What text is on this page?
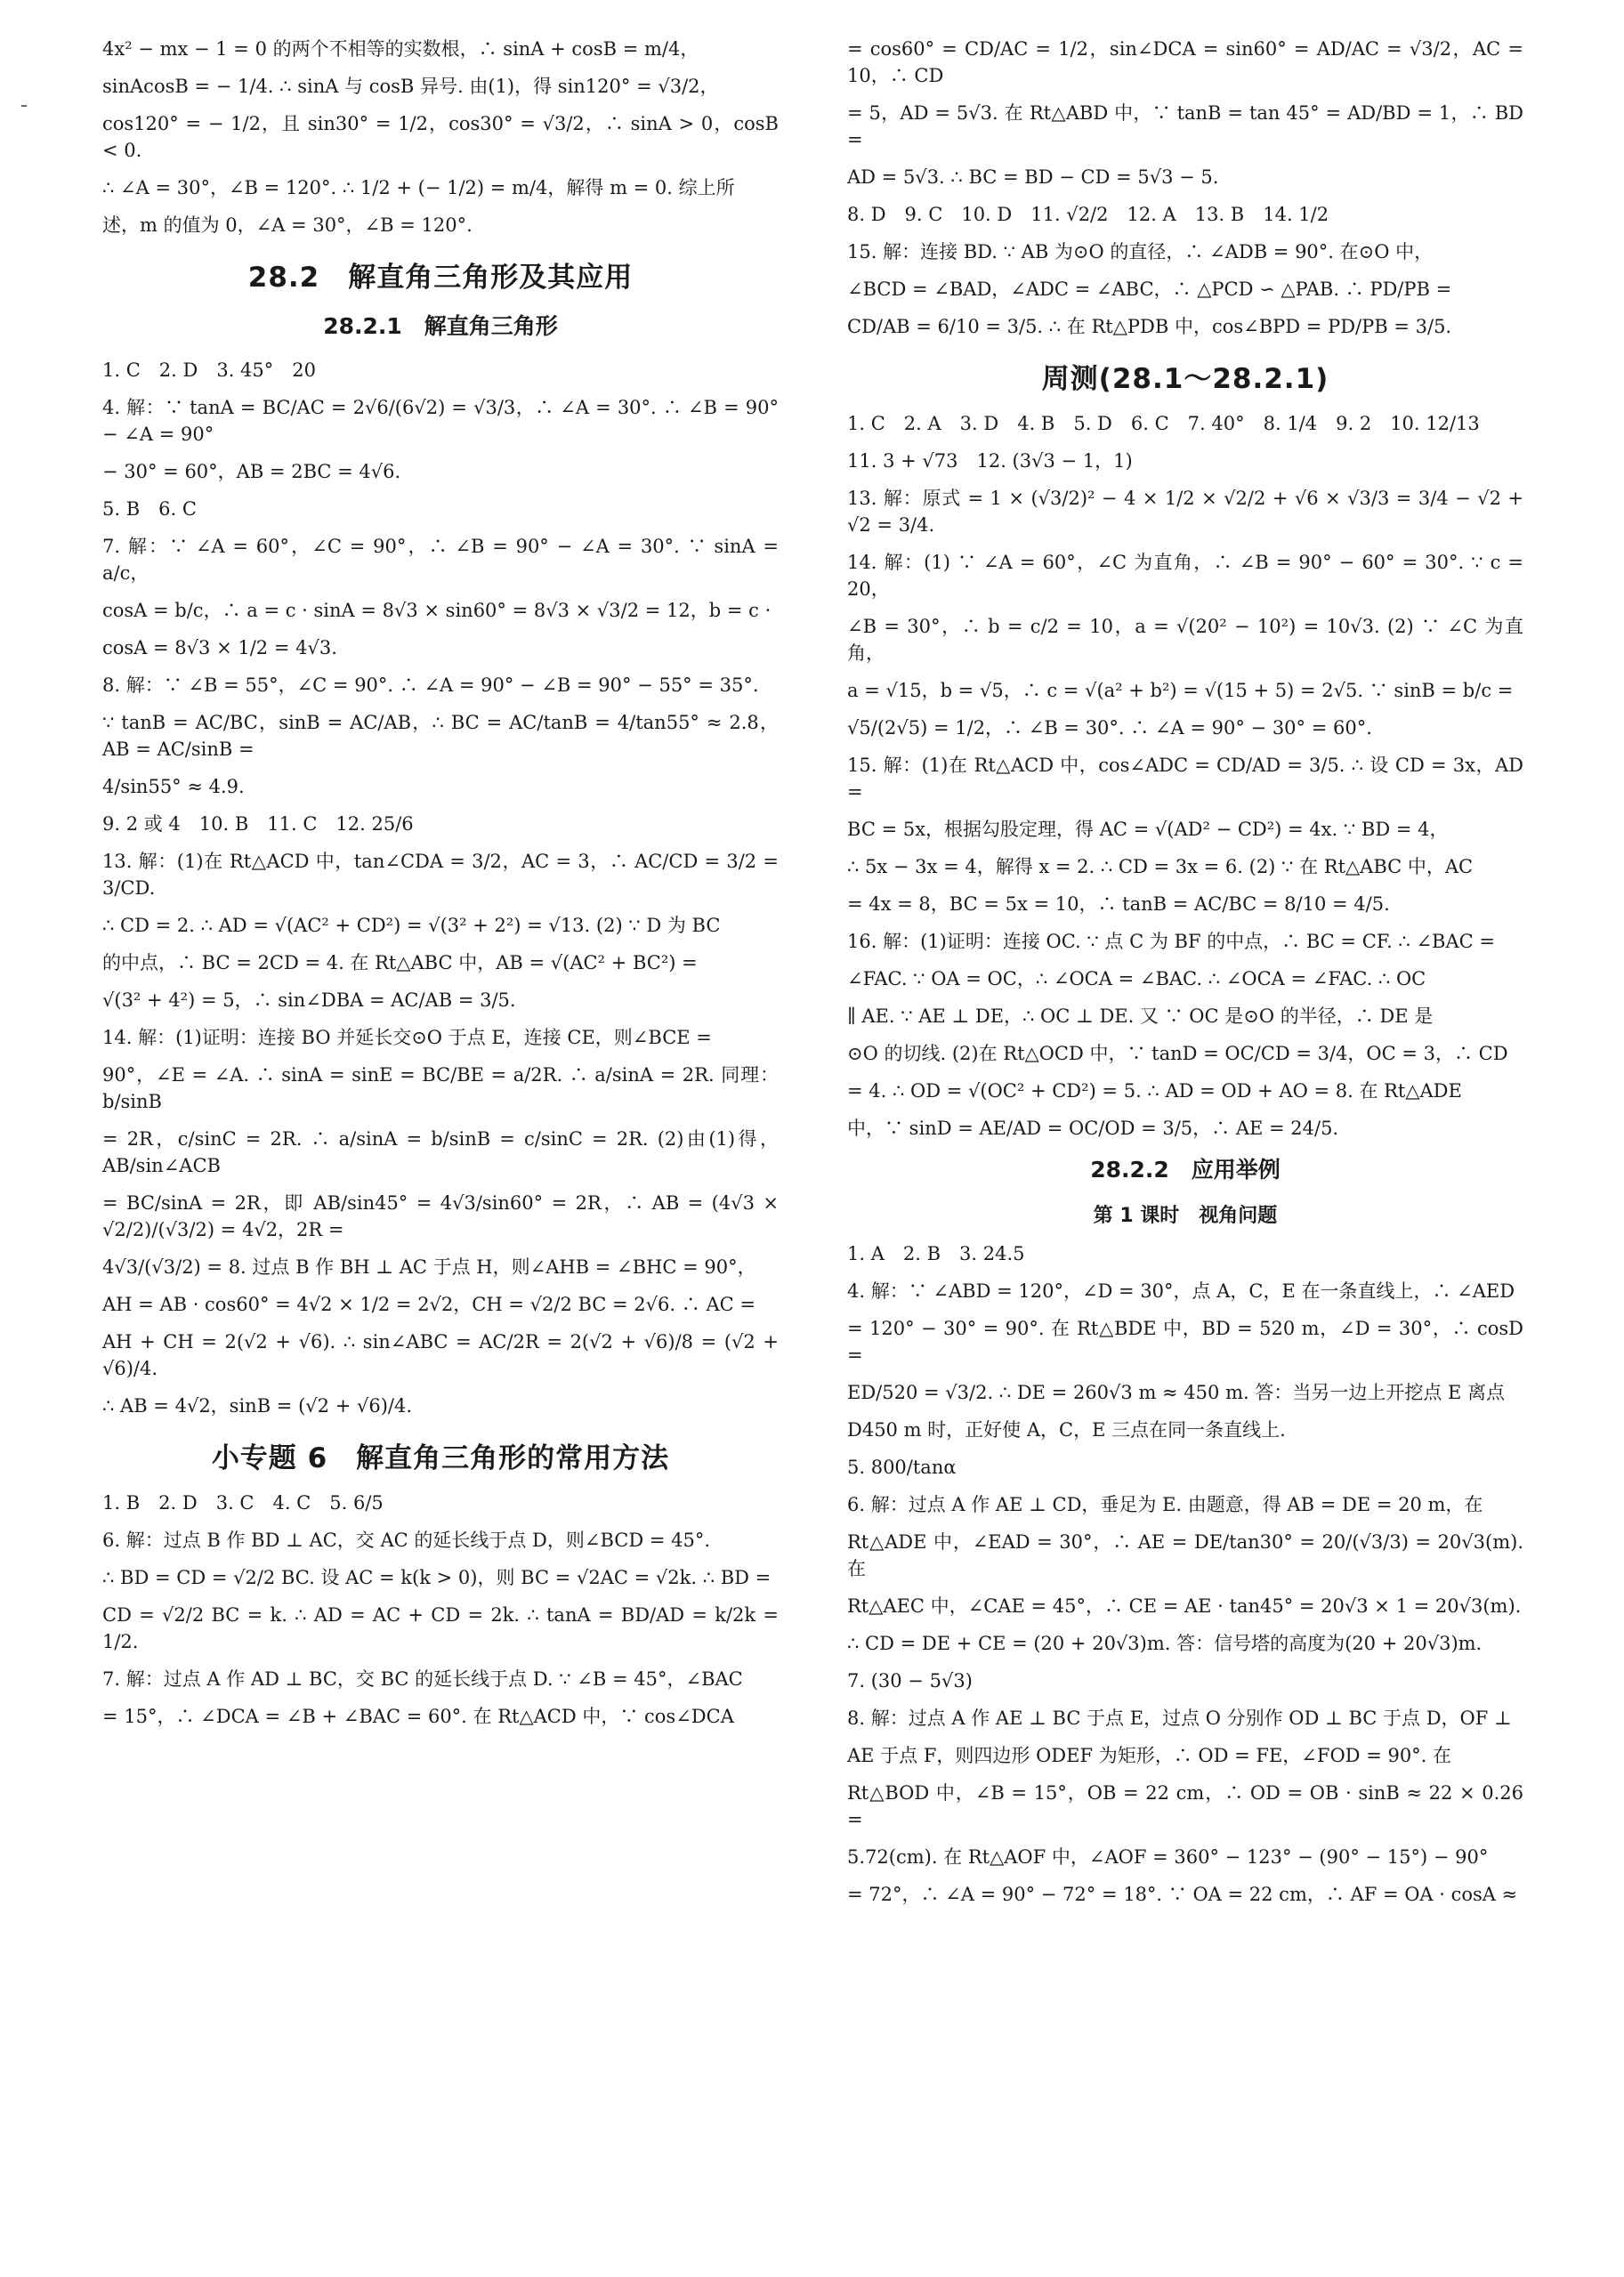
4x² − mx − 1 = 0 的两个不相等的实数根，∴ sinA + cosB = m/4，
sinAcosB = − 1/4. ∴ sinA 与 cosB 异号. 由(1)，得 sin120° = √3/2，
cos120° = − 1/2，且 sin30° = 1/2，cos30° = √3/2，∴ sinA > 0，cosB < 0.
∴ ∠A = 30°，∠B = 120°. ∴ 1/2 + (− 1/2) = m/4，解得 m = 0. 综上所
述，m 的值为 0，∠A = 30°，∠B = 120°.
28.2　解直角三角形及其应用
28.2.1　解直角三角形
1. C　2. D　3. 45°　20
4. 解：∵ tanA = BC/AC = 2√6/(6√2) = √3/3，∴ ∠A = 30°. ∴ ∠B = 90° − ∠A = 90°
− 30° = 60°，AB = 2BC = 4√6.
5. B　6. C
7. 解：∵ ∠A = 60°，∠C = 90°，∴ ∠B = 90° − ∠A = 30°. ∵ sinA = a/c，
cosA = b/c，∴ a = c · sinA = 8√3 × sin60° = 8√3 × √3/2 = 12，b = c ·
cosA = 8√3 × 1/2 = 4√3.
8. 解：∵ ∠B = 55°，∠C = 90°. ∴ ∠A = 90° − ∠B = 90° − 55° = 35°.
∵ tanB = AC/BC，sinB = AC/AB，∴ BC = AC/tanB = 4/tan55° ≈ 2.8，AB = AC/sinB =
4/sin55° ≈ 4.9.
9. 2 或 4　10. B　11. C　12. 25/6
13. 解：(1)在 Rt△ACD 中，tan∠CDA = 3/2，AC = 3，∴ AC/CD = 3/2 = 3/CD.
∴ CD = 2. ∴ AD = √(AC² + CD²) = √(3² + 2²) = √13. (2) ∵ D 为 BC
的中点，∴ BC = 2CD = 4. 在 Rt△ABC 中，AB = √(AC² + BC²) =
√(3² + 4²) = 5，∴ sin∠DBA = AC/AB = 3/5.
14. 解：(1)证明：连接 BO 并延长交⊙O 于点 E，连接 CE，则∠BCE =
90°，∠E = ∠A. ∴ sinA = sinE = BC/BE = a/2R. ∴ a/sinA = 2R. 同理：b/sinB
= 2R，c/sinC = 2R. ∴ a/sinA = b/sinB = c/sinC = 2R. (2)由(1)得，AB/sin∠ACB
= BC/sinA = 2R，即 AB/sin45° = 4√3/sin60° = 2R，∴ AB = (4√3 × √2/2)/(√3/2) = 4√2，2R =
4√3/(√3/2) = 8. 过点 B 作 BH ⊥ AC 于点 H，则∠AHB = ∠BHC = 90°，
AH = AB · cos60° = 4√2 × 1/2 = 2√2，CH = √2/2 BC = 2√6. ∴ AC =
AH + CH = 2(√2 + √6). ∴ sin∠ABC = AC/2R = 2(√2 + √6)/8 = (√2 + √6)/4.
∴ AB = 4√2，sinB = (√2 + √6)/4.
小专题 6　解直角三角形的常用方法
1. B　2. D　3. C　4. C　5. 6/5
6. 解：过点 B 作 BD ⊥ AC，交 AC 的延长线于点 D，则∠BCD = 45°.
∴ BD = CD = √2/2 BC. 设 AC = k(k > 0)，则 BC = √2AC = √2k. ∴ BD =
CD = √2/2 BC = k. ∴ AD = AC + CD = 2k. ∴ tanA = BD/AD = k/2k = 1/2.
7. 解：过点 A 作 AD ⊥ BC，交 BC 的延长线于点 D. ∵ ∠B = 45°，∠BAC
= 15°，∴ ∠DCA = ∠B + ∠BAC = 60°. 在 Rt△ACD 中，∵ cos∠DCA
= cos60° = CD/AC = 1/2，sin∠DCA = sin60° = AD/AC = √3/2，AC = 10，∴ CD
= 5，AD = 5√3. 在 Rt△ABD 中，∵ tanB = tan 45° = AD/BD = 1，∴ BD =
AD = 5√3. ∴ BC = BD − CD = 5√3 − 5.
8. D　9. C　10. D　11. √2/2　12. A　13. B　14. 1/2
15. 解：连接 BD. ∵ AB 为⊙O 的直径，∴ ∠ADB = 90°. 在⊙O 中，
∠BCD = ∠BAD，∠ADC = ∠ABC，∴ △PCD ∽ △PAB. ∴ PD/PB =
CD/AB = 6/10 = 3/5. ∴ 在 Rt△PDB 中，cos∠BPD = PD/PB = 3/5.
周测(28.1～28.2.1)
1. C　2. A　3. D　4. B　5. D　6. C　7. 40°　8. 1/4　9. 2　10. 12/13
11. 3 + √73　12. (3√3 − 1，1)
13. 解：原式 = 1 × (√3/2)² − 4 × 1/2 × √2/2 + √6 × √3/3 = 3/4 − √2 + √2 = 3/4.
14. 解：(1) ∵ ∠A = 60°，∠C 为直角，∴ ∠B = 90° − 60° = 30°. ∵ c = 20，
∠B = 30°，∴ b = c/2 = 10，a = √(20² − 10²) = 10√3. (2) ∵ ∠C 为直角，
a = √15，b = √5，∴ c = √(a² + b²) = √(15 + 5) = 2√5. ∵ sinB = b/c =
√5/(2√5) = 1/2，∴ ∠B = 30°. ∴ ∠A = 90° − 30° = 60°.
15. 解：(1)在 Rt△ACD 中，cos∠ADC = CD/AD = 3/5. ∴ 设 CD = 3x，AD =
BC = 5x，根据勾股定理，得 AC = √(AD² − CD²) = 4x. ∵ BD = 4，
∴ 5x − 3x = 4，解得 x = 2. ∴ CD = 3x = 6. (2) ∵ 在 Rt△ABC 中，AC
= 4x = 8，BC = 5x = 10，∴ tanB = AC/BC = 8/10 = 4/5.
16. 解：(1)证明：连接 OC. ∵ 点 C 为 BF 的中点，∴ BC = CF. ∴ ∠BAC =
∠FAC. ∵ OA = OC，∴ ∠OCA = ∠BAC. ∴ ∠OCA = ∠FAC. ∴ OC
∥ AE. ∵ AE ⊥ DE，∴ OC ⊥ DE. 又 ∵ OC 是⊙O 的半径，∴ DE 是
⊙O 的切线. (2)在 Rt△OCD 中，∵ tanD = OC/CD = 3/4，OC = 3，∴ CD
= 4. ∴ OD = √(OC² + CD²) = 5. ∴ AD = OD + AO = 8. 在 Rt△ADE
中，∵ sinD = AE/AD = OC/OD = 3/5，∴ AE = 24/5.
28.2.2　应用举例
第 1 课时　视角问题
1. A　2. B　3. 24.5
4. 解：∵ ∠ABD = 120°，∠D = 30°，点 A，C，E 在一条直线上，∴ ∠AED
= 120° − 30° = 90°. 在 Rt△BDE 中，BD = 520 m，∠D = 30°，∴ cosD =
ED/520 = √3/2. ∴ DE = 260√3 m ≈ 450 m. 答：当另一边上开挖点 E 离点
D450 m 时，正好使 A，C，E 三点在同一条直线上.
5. 800/tanα
6. 解：过点 A 作 AE ⊥ CD，垂足为 E. 由题意，得 AB = DE = 20 m，在
Rt△ADE 中，∠EAD = 30°，∴ AE = DE/tan30° = 20/(√3/3) = 20√3(m). 在
Rt△AEC 中，∠CAE = 45°，∴ CE = AE · tan45° = 20√3 × 1 = 20√3(m).
∴ CD = DE + CE = (20 + 20√3)m. 答：信号塔的高度为(20 + 20√3)m.
7. (30 − 5√3)
8. 解：过点 A 作 AE ⊥ BC 于点 E，过点 O 分别作 OD ⊥ BC 于点 D，OF ⊥
AE 于点 F，则四边形 ODEF 为矩形，∴ OD = FE，∠FOD = 90°. 在
Rt△BOD 中，∠B = 15°，OB = 22 cm，∴ OD = OB · sinB ≈ 22 × 0.26 =
5.72(cm). 在 Rt△AOF 中，∠AOF = 360° − 123° − (90° − 15°) − 90°
= 72°，∴ ∠A = 90° − 72° = 18°. ∵ OA = 22 cm，∴ AF = OA · cosA ≈
